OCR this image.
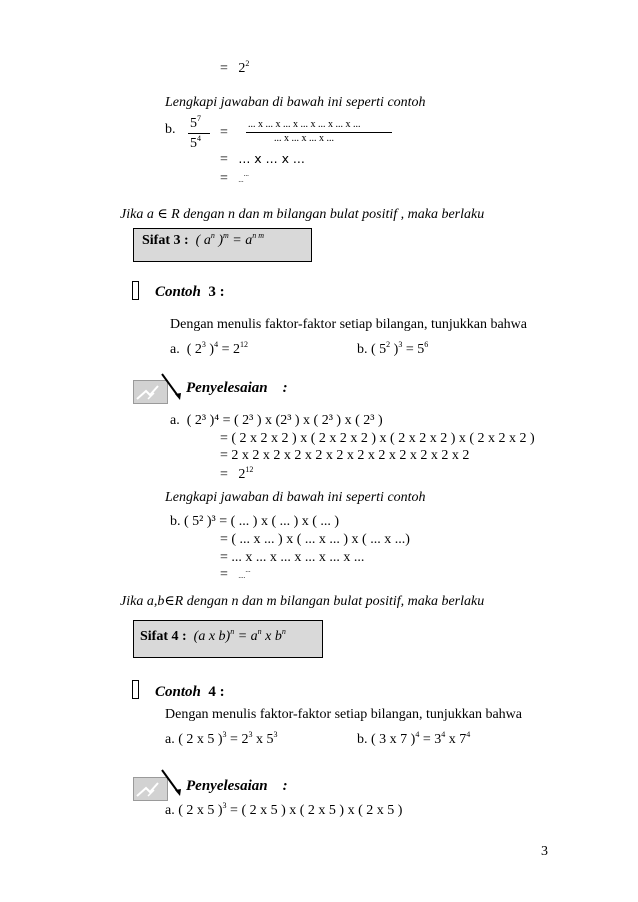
= $2^2$
Lengkapi jawaban di bawah ini seperti contoh
b. $5^7$
$5^4$ =
... x ... x ... x ... x ... x ... x ...
... x ... x ... x ...
= ... x ... x ...
= ......
Jika a ∈ R dengan n dan m bilangan bulat positif , maka berlaku
Sifat 3 : ( $a^n$ )$^m = a^{n m}$
Contoh 3 :
Dengan menulis faktor-faktor setiap bilangan, tunjukkan bahwa
a. ( $2^3$ )$^4 = 2^{12}$	b. ( $5^2$ )$^3 = 5^6$
Penyelesaian :
a. ( 2³ )⁴ = ( 2³ ) x (2³ ) x ( 2³ ) x ( 2³ )
= ( 2 x 2 x 2 ) x ( 2 x 2 x 2 ) x ( 2 x 2 x 2 ) x ( 2 x 2 x 2 )
= 2 x 2 x 2 x 2 x 2 x 2 x 2 x 2 x 2 x 2 x 2 x 2
= $2^{12}$
Lengkapi jawaban di bawah ini seperti contoh
b. ( 5² )³ = ( ... ) x ( ... ) x ( ... )
= ( ... x ... ) x ( ... x ... ) x ( ... x ...)
= ... x ... x ... x ... x ... x ...
= .......
Jika a,b∈R dengan n dan m bilangan bulat positif, maka berlaku
Sifat 4 : (a x $b)^n = a^n$ x $b^n$
Contoh 4 :
Dengan menulis faktor-faktor setiap bilangan, tunjukkan bahwa
a. ( 2 x 5 )$^3 = 2^3$ x $5^3$	b. ( 3 x 7 )$^4 = 3^4$ x $7^4$
Penyelesaian :
a. ( 2 x 5 )$^3$ = ( 2 x 5 ) x ( 2 x 5 ) x ( 2 x 5 )
3
